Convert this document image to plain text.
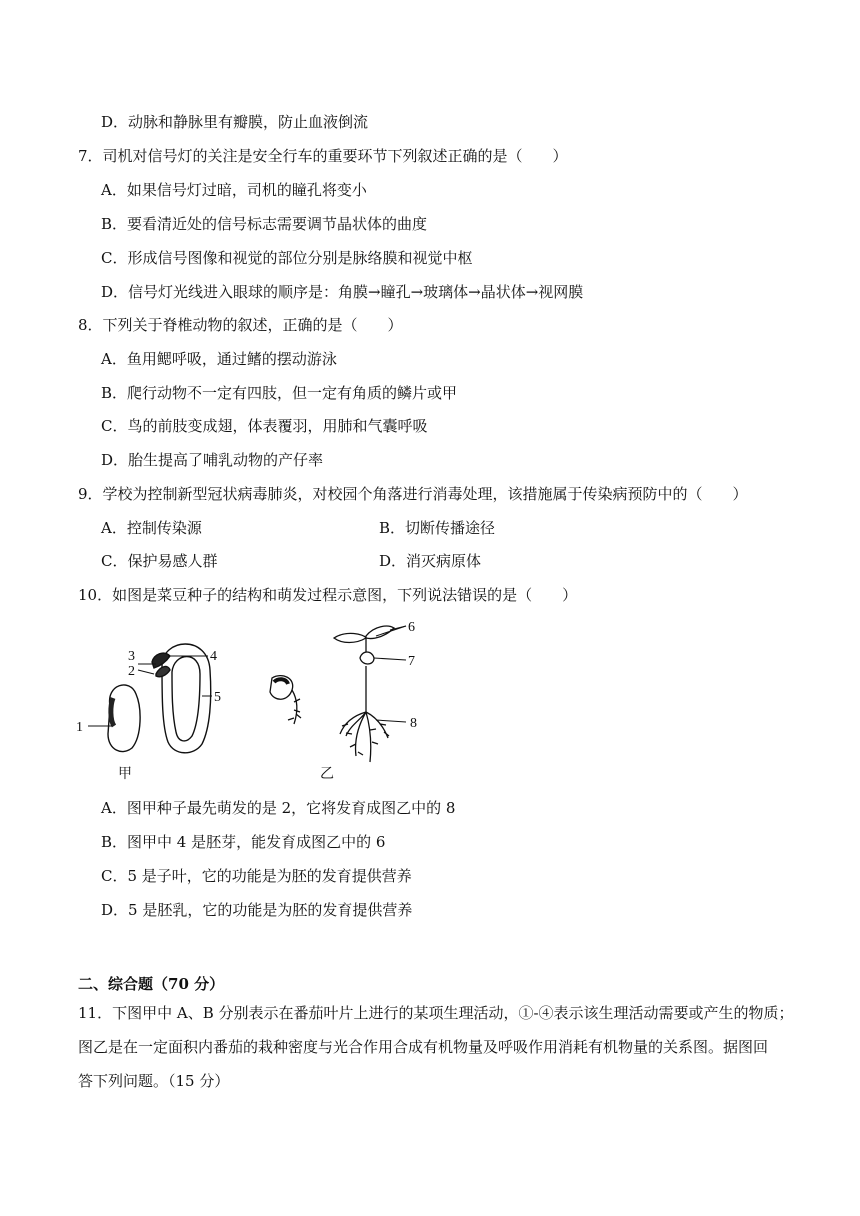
D．动脉和静脉里有瓣膜，防止血液倒流
7．司机对信号灯的关注是安全行车的重要环节下列叙述正确的是（　　）
A．如果信号灯过暗，司机的瞳孔将变小
B．要看清近处的信号标志需要调节晶状体的曲度
C．形成信号图像和视觉的部位分别是脉络膜和视觉中枢
D．信号灯光线进入眼球的顺序是：角膜→瞳孔→玻璃体→晶状体→视网膜
8．下列关于脊椎动物的叙述，正确的是（　　）
A．鱼用鳃呼吸，通过鳍的摆动游泳
B．爬行动物不一定有四肢，但一定有角质的鳞片或甲
C．鸟的前肢变成翅，体表覆羽，用肺和气囊呼吸
D．胎生提高了哺乳动物的产仔率
9．学校为控制新型冠状病毒肺炎，对校园个角落进行消毒处理，该措施属于传染病预防中的（　　）
A．控制传染源	B．切断传播途径
C．保护易感人群	D．消灭病原体
10．如图是菜豆种子的结构和萌发过程示意图，下列说法错误的是（　　）
1
2
3	4
5
6
7
8
甲	乙
A．图甲种子最先萌发的是 2，它将发育成图乙中的 8
B．图甲中 4 是胚芽，能发育成图乙中的 6
C．5 是子叶，它的功能是为胚的发育提供营养
D．5 是胚乳，它的功能是为胚的发育提供营养
二、综合题（70 分）
11．下图甲中 A、B 分别表示在番茄叶片上进行的某项生理活动，①-④表示该生理活动需要或产生的物质；
图乙是在一定面积内番茄的栽种密度与光合作用合成有机物量及呼吸作用消耗有机物量的关系图。据图回
答下列问题。（15 分）
